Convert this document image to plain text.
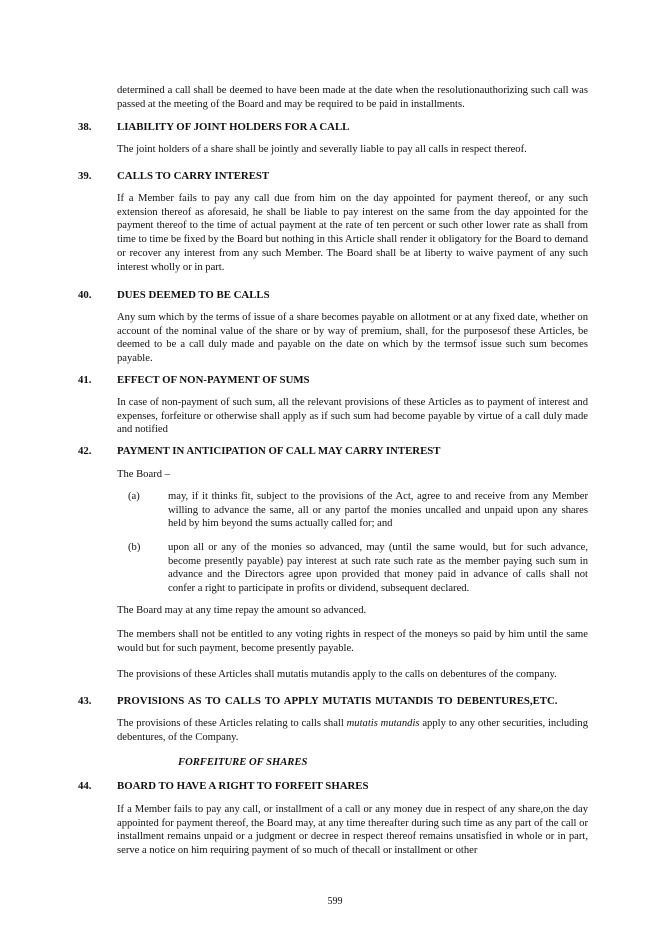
determined a call shall be deemed to have been made at the date when the resolutionauthorizing such call was passed at the meeting of the Board and may be required to be paid in installments.

38. LIABILITY OF JOINT HOLDERS FOR A CALL

The joint holders of a share shall be jointly and severally liable to pay all calls in respect thereof.

39. CALLS TO CARRY INTEREST

If a Member fails to pay any call due from him on the day appointed for payment thereof, or any such extension thereof as aforesaid, he shall be liable to pay interest on the same from the day appointed for the payment thereof to the time of actual payment at the rate of ten percent or such other lower rate as shall from time to time be fixed by the Board but nothing in this Article shall render it obligatory for the Board to demand or recover any interest from any such Member. The Board shall be at liberty to waive payment of any such interest wholly or in part.

40. DUES DEEMED TO BE CALLS

Any sum which by the terms of issue of a share becomes payable on allotment or at any fixed date, whether on account of the nominal value of the share or by way of premium, shall, for the purposesof these Articles, be deemed to be a call duly made and payable on the date on which by the termsof issue such sum becomes payable.

41. EFFECT OF NON-PAYMENT OF SUMS

In case of non-payment of such sum, all the relevant provisions of these Articles as to payment of interest and expenses, forfeiture or otherwise shall apply as if such sum had become payable by virtue of a call duly made and notified

42. PAYMENT IN ANTICIPATION OF CALL MAY CARRY INTEREST

The Board –

(a)	may, if it thinks fit, subject to the provisions of the Act, agree to and receive from any Member willing to advance the same, all or any partof the monies uncalled and unpaid upon any shares held by him beyond the sums actually called for; and

(b)	upon all or any of the monies so advanced, may (until the same would, but for such advance, become presently payable) pay interest at such rate such rate as the member paying such sum in advance and the Directors agree upon provided that money paid in advance of calls shall not confer a right to participate in profits or dividend, subsequent declared.

The Board may at any time repay the amount so advanced.

The members shall not be entitled to any voting rights in respect of the moneys so paid by him until the same would but for such payment, become presently payable.

The provisions of these Articles shall mutatis mutandis apply to the calls on debentures of the company.

43. PROVISIONS AS TO CALLS TO APPLY MUTATIS MUTANDIS TO DEBENTURES,ETC.

The provisions of these Articles relating to calls shall mutatis mutandis apply to any other securities, including debentures, of the Company.

FORFEITURE OF SHARES
44. BOARD TO HAVE A RIGHT TO FORFEIT SHARES

If a Member fails to pay any call, or installment of a call or any money due in respect of any share,on the day appointed for payment thereof, the Board may, at any time thereafter during such time as any part of the call or installment remains unpaid or a judgment or decree in respect thereof remains unsatisfied in whole or in part, serve a notice on him requiring payment of so much of thecall or installment or other

599
